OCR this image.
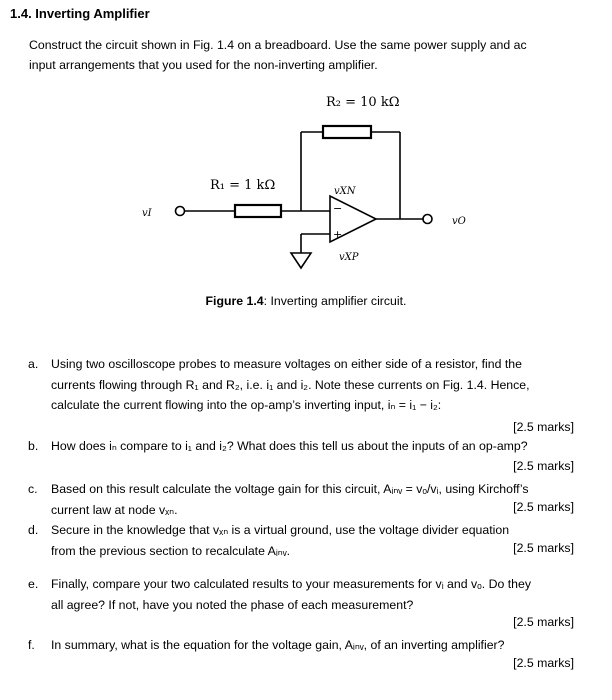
1.4. Inverting Amplifier
Construct the circuit shown in Fig. 1.4 on a breadboard. Use the same power supply and ac
input arrangements that you used for the non-inverting amplifier.
R₂ = 10 kΩ
R₁ = 1 kΩ	vXN
vXP
vI
vO
−
+
Figure 1.4: Inverting amplifier circuit.
a.	Using two oscilloscope probes to measure voltages on either side of a resistor, find the
currents flowing through R₁ and R₂, i.e. i₁ and i₂. Note these currents on Fig. 1.4. Hence,
calculate the current flowing into the op-amp’s inverting input, iₙ = i₁ − i₂:
[2.5 marks]
b.	How does iₙ compare to i₁ and i₂? What does this tell us about the inputs of an op-amp?
[2.5 marks]
c.	Based on this result calculate the voltage gain for this circuit, Aᵢₙᵥ = vₒ/vᵢ, using Kirchoff’s
current law at node vₓₙ.	[2.5 marks]
d.	Secure in the knowledge that vₓₙ is a virtual ground, use the voltage divider equation
from the previous section to recalculate Aᵢₙᵥ.	[2.5 marks]
e.	Finally, compare your two calculated results to your measurements for vᵢ and vₒ. Do they
all agree? If not, have you noted the phase of each measurement?
[2.5 marks]
f.	In summary, what is the equation for the voltage gain, Aᵢₙᵥ, of an inverting amplifier?
[2.5 marks]
